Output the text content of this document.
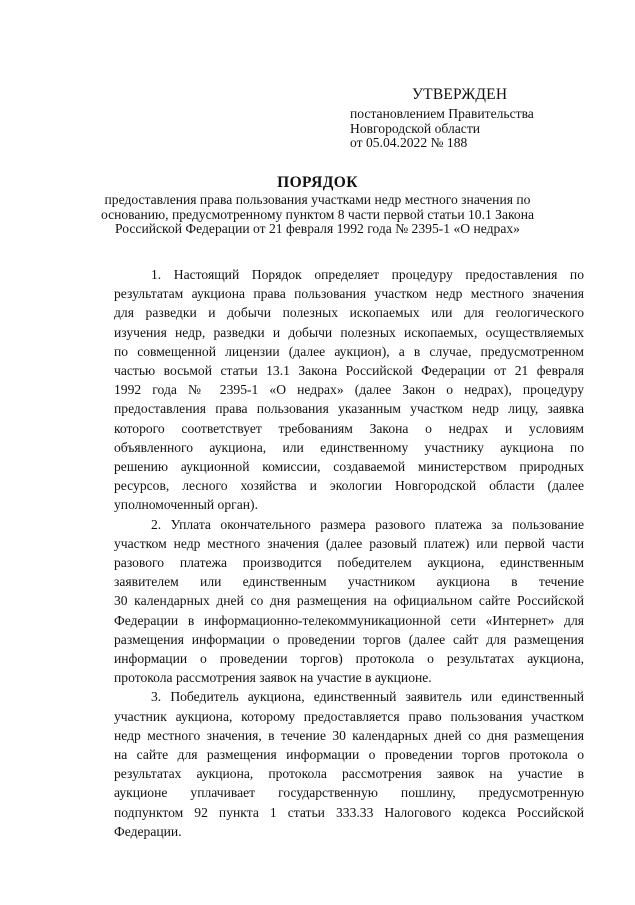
УТВЕРЖДЕН
постановлением Правительства
Новгородской области
от 05.04.2022 № 188
ПОРЯДОК
предоставления права пользования участками недр местного значения по
основанию, предусмотренному пунктом 8 части первой статьи 10.1 Закона
Российской Федерации от 21 февраля 1992 года № 2395-1 «О недрах»
1. Настоящий Порядок определяет процедуру предоставления по
результатам аукциона права пользования участком недр местного значения
для разведки и добычи полезных ископаемых или для геологического
изучения недр, разведки и добычи полезных ископаемых, осуществляемых
по совмещенной лицензии (далее аукцион), а в случае, предусмотренном
частью восьмой статьи 13.1 Закона Российской Федерации от 21 февраля
1992 года № 2395-1 «О недрах» (далее Закон о недрах), процедуру
предоставления права пользования указанным участком недр лицу, заявка
которого соответствует требованиям Закона о недрах и условиям
объявленного аукциона, или единственному участнику аукциона по
решению аукционной комиссии, создаваемой министерством природных
ресурсов, лесного хозяйства и экологии Новгородской области (далее
уполномоченный орган).
2. Уплата окончательного размера разового платежа за пользование
участком недр местного значения (далее разовый платеж) или первой части
разового платежа производится победителем аукциона, единственным
заявителем или единственным участником аукциона в течение
30 календарных дней со дня размещения на официальном сайте Российской
Федерации в информационно-телекоммуникационной сети «Интернет» для
размещения информации о проведении торгов (далее сайт для размещения
информации о проведении торгов) протокола о результатах аукциона,
протокола рассмотрения заявок на участие в аукционе.
3. Победитель аукциона, единственный заявитель или единственный
участник аукциона, которому предоставляется право пользования участком
недр местного значения, в течение 30 календарных дней со дня размещения
на сайте для размещения информации о проведении торгов протокола о
результатах аукциона, протокола рассмотрения заявок на участие в
аукционе уплачивает государственную пошлину, предусмотренную
подпунктом 92 пункта 1 статьи 333.33 Налогового кодекса Российской
Федерации.
